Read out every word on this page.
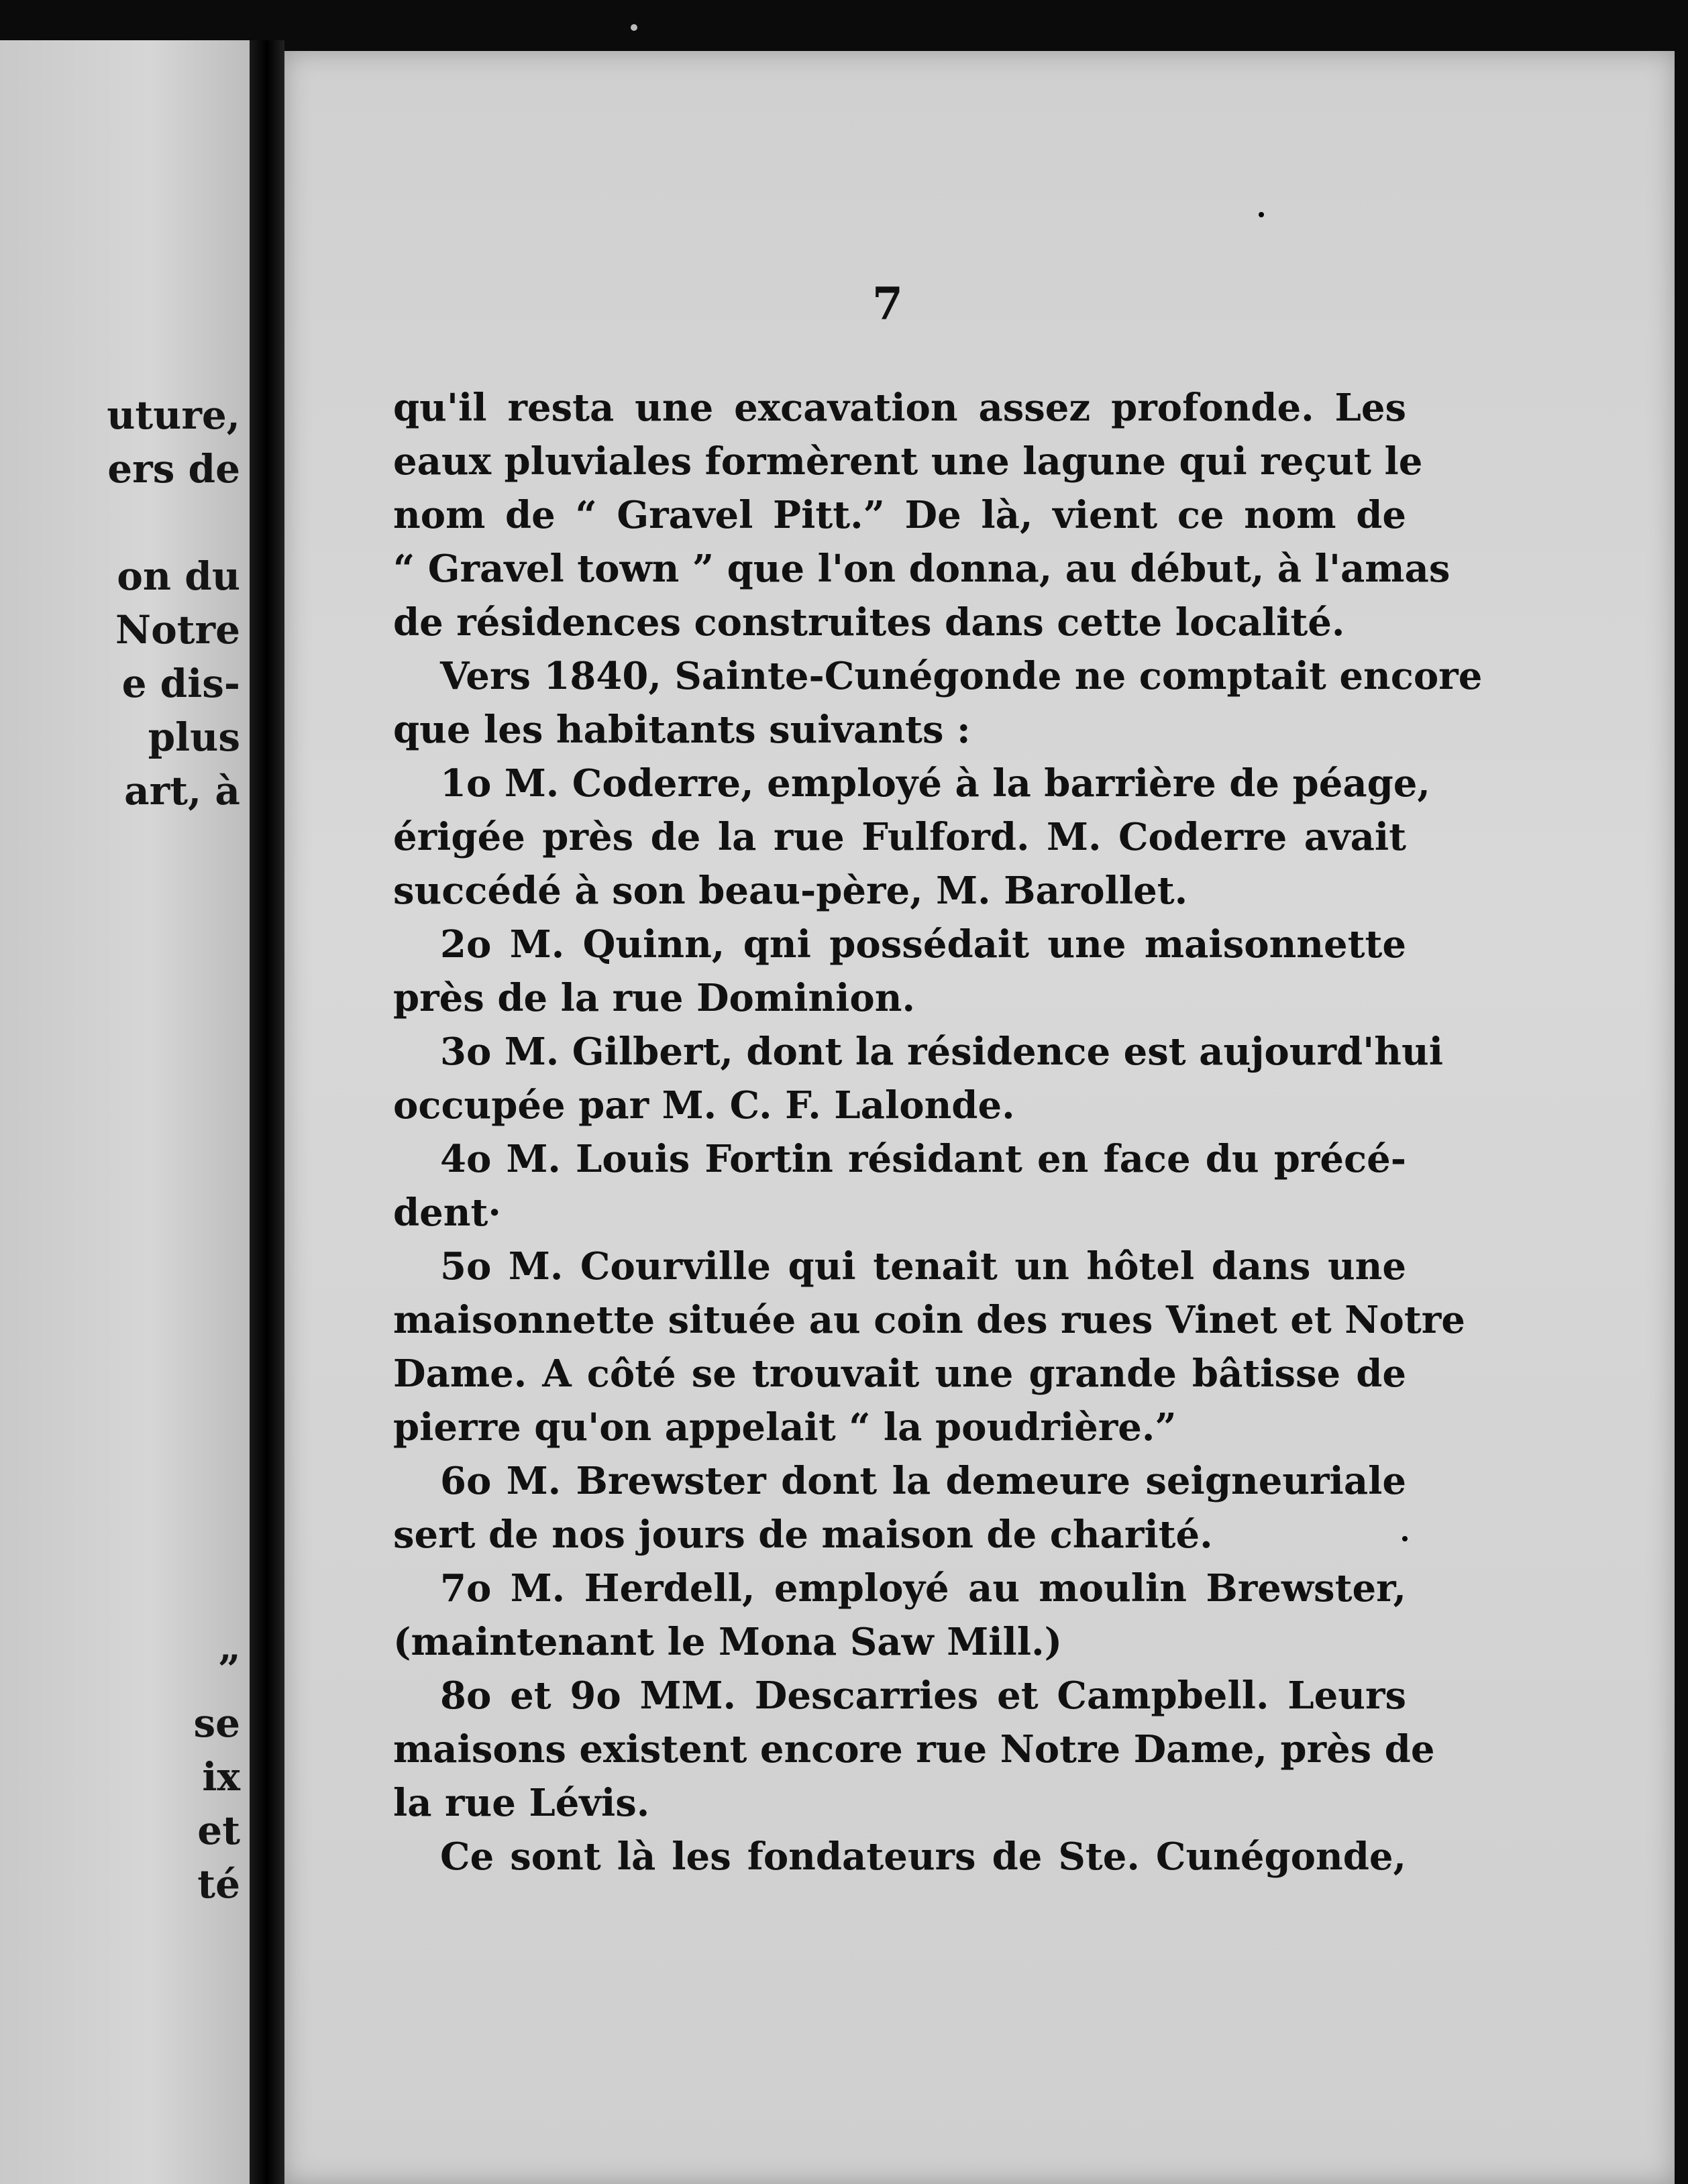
uture,
ers de
on du
Notre
e dis-
plus
art, à
”
se
ix
et
té
7
qu'il resta une excavation assez profonde. Les
eaux pluviales formèrent une lagune qui reçut le
nom de “ Gravel Pitt.” De là, vient ce nom de
“ Gravel town ” que l'on donna, au début, à l'amas
de résidences construites dans cette localité.
Vers 1840, Sainte-Cunégonde ne comptait encore
que les habitants suivants :
1o M. Coderre, employé à la barrière de péage,
érigée près de la rue Fulford. M. Coderre avait
succédé à son beau-père, M. Barollet.
2o M. Quinn, qni possédait une maisonnette
près de la rue Dominion.
3o M. Gilbert, dont la résidence est aujourd'hui
occupée par M. C. F. Lalonde.
4o M. Louis Fortin résidant en face du précé-
dent·
5o M. Courville qui tenait un hôtel dans une
maisonnette située au coin des rues Vinet et Notre
Dame. A côté se trouvait une grande bâtisse de
pierre qu'on appelait “ la poudrière.”
6o M. Brewster dont la demeure seigneuriale
sert de nos jours de maison de charité.
7o M. Herdell, employé au moulin Brewster,
(maintenant le Mona Saw Mill.)
8o et 9o MM. Descarries et Campbell. Leurs
maisons existent encore rue Notre Dame, près de
la rue Lévis.
Ce sont là les fondateurs de Ste. Cunégonde,
